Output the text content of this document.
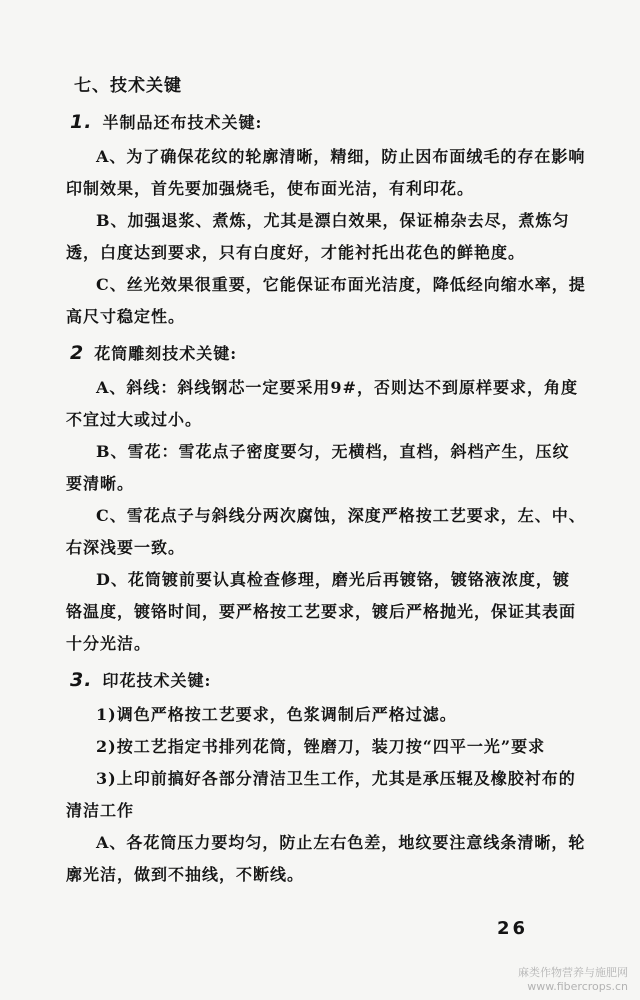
七、技术关键

1. 半制品还布技术关键:

A、为了确保花纹的轮廓清晰，精细，防止因布面绒毛的存在影响印制效果，首先要加强烧毛，使布面光洁，有利印花。

B、加强退浆、煮炼，尤其是漂白效果，保证棉杂去尽，煮炼匀透，白度达到要求，只有白度好，才能衬托出花色的鲜艳度。

C、丝光效果很重要，它能保证布面光洁度，降低经向缩水率，提高尺寸稳定性。

2 花筒雕刻技术关键:

A、斜线：斜线钢芯一定要采用9#，否则达不到原样要求，角度不宜过大或过小。

B、雪花：雪花点子密度要匀，无横档，直档，斜档产生，压纹要清晰。

C、雪花点子与斜线分两次腐蚀，深度严格按工艺要求，左、中、右深浅要一致。

D、花筒镀前要认真检查修理，磨光后再镀铬，镀铬液浓度，镀铬温度，镀铬时间，要严格按工艺要求，镀后严格抛光，保证其表面十分光洁。

3. 印花技术关键:

1)调色严格按工艺要求，色浆调制后严格过滤。

2)按工艺指定书排列花筒，锉磨刀，装刀按“四平一光”要求

3)上印前搞好各部分清洁卫生工作，尤其是承压辊及橡胶衬布的清洁工作

A、各花筒压力要均匀，防止左右色差，地纹要注意线条清晰，轮廓光洁，做到不抽线，不断线。

26
麻类作物营养与施肥网
www.fibercrops.cn
